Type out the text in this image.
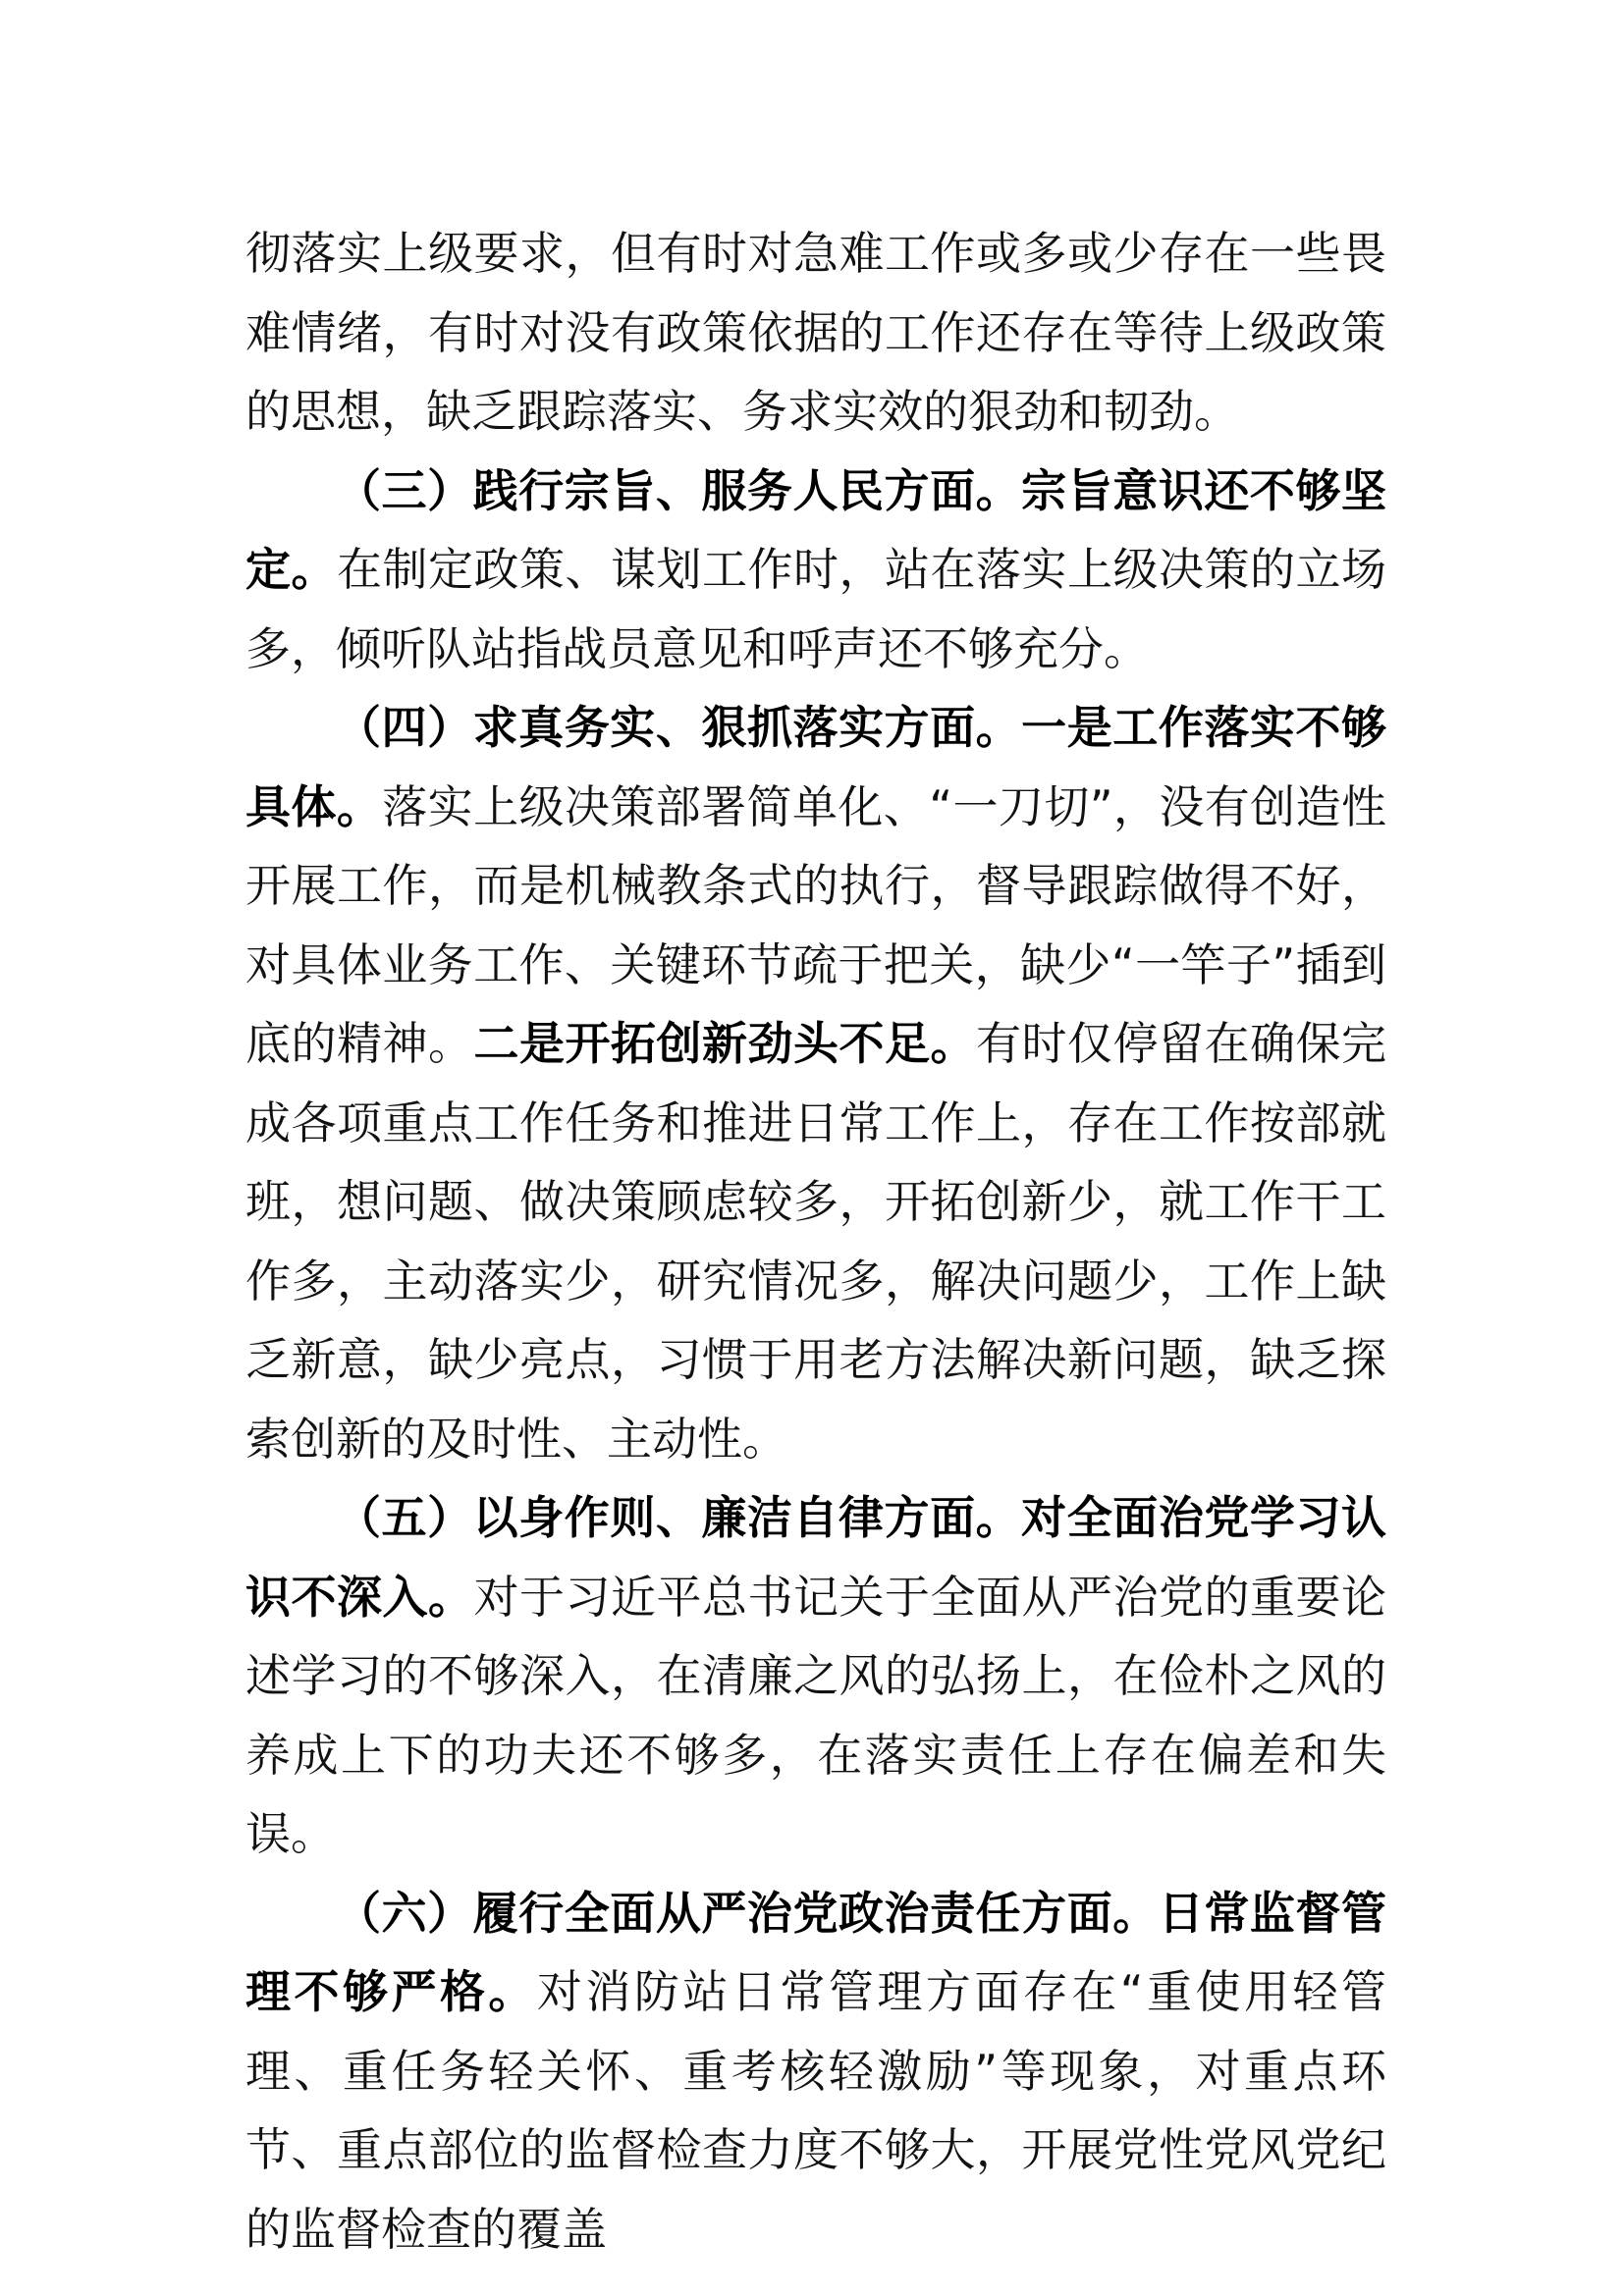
彻落实上级要求，但有时对急难工作或多或少存在一些畏难情绪，有时对没有政策依据的工作还存在等待上级政策的思想，缺乏跟踪落实、务求实效的狠劲和韧劲。

（三）践行宗旨、服务人民方面。宗旨意识还不够坚定。在制定政策、谋划工作时，站在落实上级决策的立场多，倾听队站指战员意见和呼声还不够充分。

（四）求真务实、狠抓落实方面。一是工作落实不够具体。落实上级决策部署简单化、“一刀切”，没有创造性开展工作，而是机械教条式的执行，督导跟踪做得不好，对具体业务工作、关键环节疏于把关，缺少“一竿子”插到底的精神。二是开拓创新劲头不足。有时仅停留在确保完成各项重点工作任务和推进日常工作上，存在工作按部就班，想问题、做决策顾虑较多，开拓创新少，就工作干工作多，主动落实少，研究情况多，解决问题少，工作上缺乏新意，缺少亮点，习惯于用老方法解决新问题，缺乏探索创新的及时性、主动性。

（五）以身作则、廉洁自律方面。对全面治党学习认识不深入。对于习近平总书记关于全面从严治党的重要论述学习的不够深入，在清廉之风的弘扬上，在俭朴之风的养成上下的功夫还不够多，在落实责任上存在偏差和失误。

（六）履行全面从严治党政治责任方面。日常监督管理不够严格。对消防站日常管理方面存在“重使用轻管理、重任务轻关怀、重考核轻激励”等现象，对重点环节、重点部位的监督检查力度不够大，开展党性党风党纪的监督检查的覆盖
